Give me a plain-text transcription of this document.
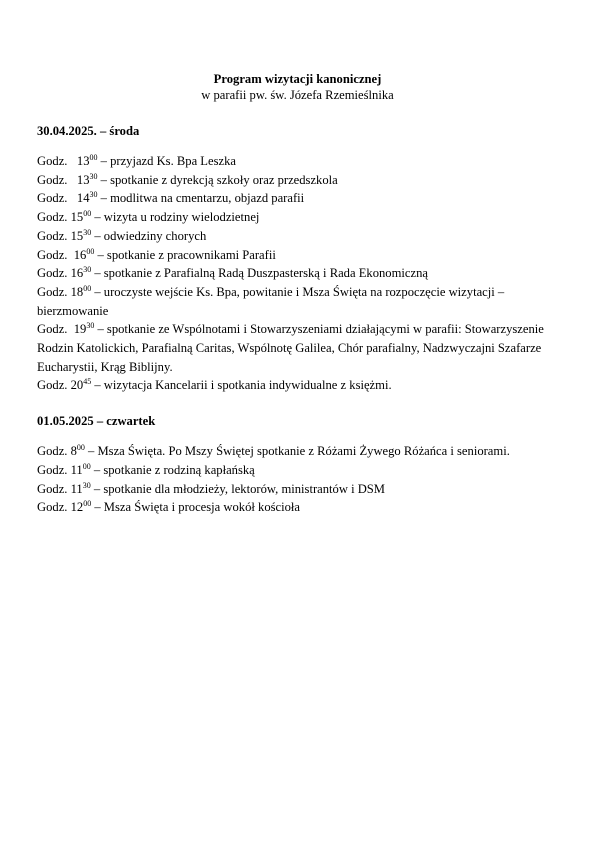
Program wizytacji kanonicznej
w parafii pw. św. Józefa Rzemieślnika
30.04.2025. – środa
Godz. $13^{00}$ – przyjazd Ks. Bpa Leszka
Godz. $13^{30}$ – spotkanie z dyrekcją szkoły oraz przedszkola
Godz. $14^{30}$ – modlitwa na cmentarzu, objazd parafii
Godz. $15^{00}$ – wizyta u rodziny wielodzietnej
Godz. $15^{30}$ – odwiedziny chorych
Godz. $16^{00}$ – spotkanie z pracownikami Parafii
Godz. $16^{30}$ – spotkanie z Parafialną Radą Duszpasterską i Rada Ekonomiczną
Godz. $18^{00}$ – uroczyste wejście Ks. Bpa, powitanie i Msza Święta na rozpoczęcie wizytacji – bierzmowanie
Godz. $19^{30}$ – spotkanie ze Wspólnotami i Stowarzyszeniami działającymi w parafii: Stowarzyszenie Rodzin Katolickich, Parafialną Caritas, Wspólnotę Galilea, Chór parafialny, Nadzwyczajni Szafarze Eucharystii, Krąg Biblijny.
Godz. $20^{45}$ – wizytacja Kancelarii i spotkania indywidualne z księżmi.
01.05.2025 – czwartek
Godz. $8^{00}$ – Msza Święta. Po Mszy Świętej spotkanie z Różami Żywego Różańca i seniorami.
Godz. $11^{00}$ – spotkanie z rodziną kapłańską
Godz. $11^{30}$ – spotkanie dla młodzieży, lektorów, ministrantów i DSM
Godz. $12^{00}$ – Msza Święta i procesja wokół kościoła
